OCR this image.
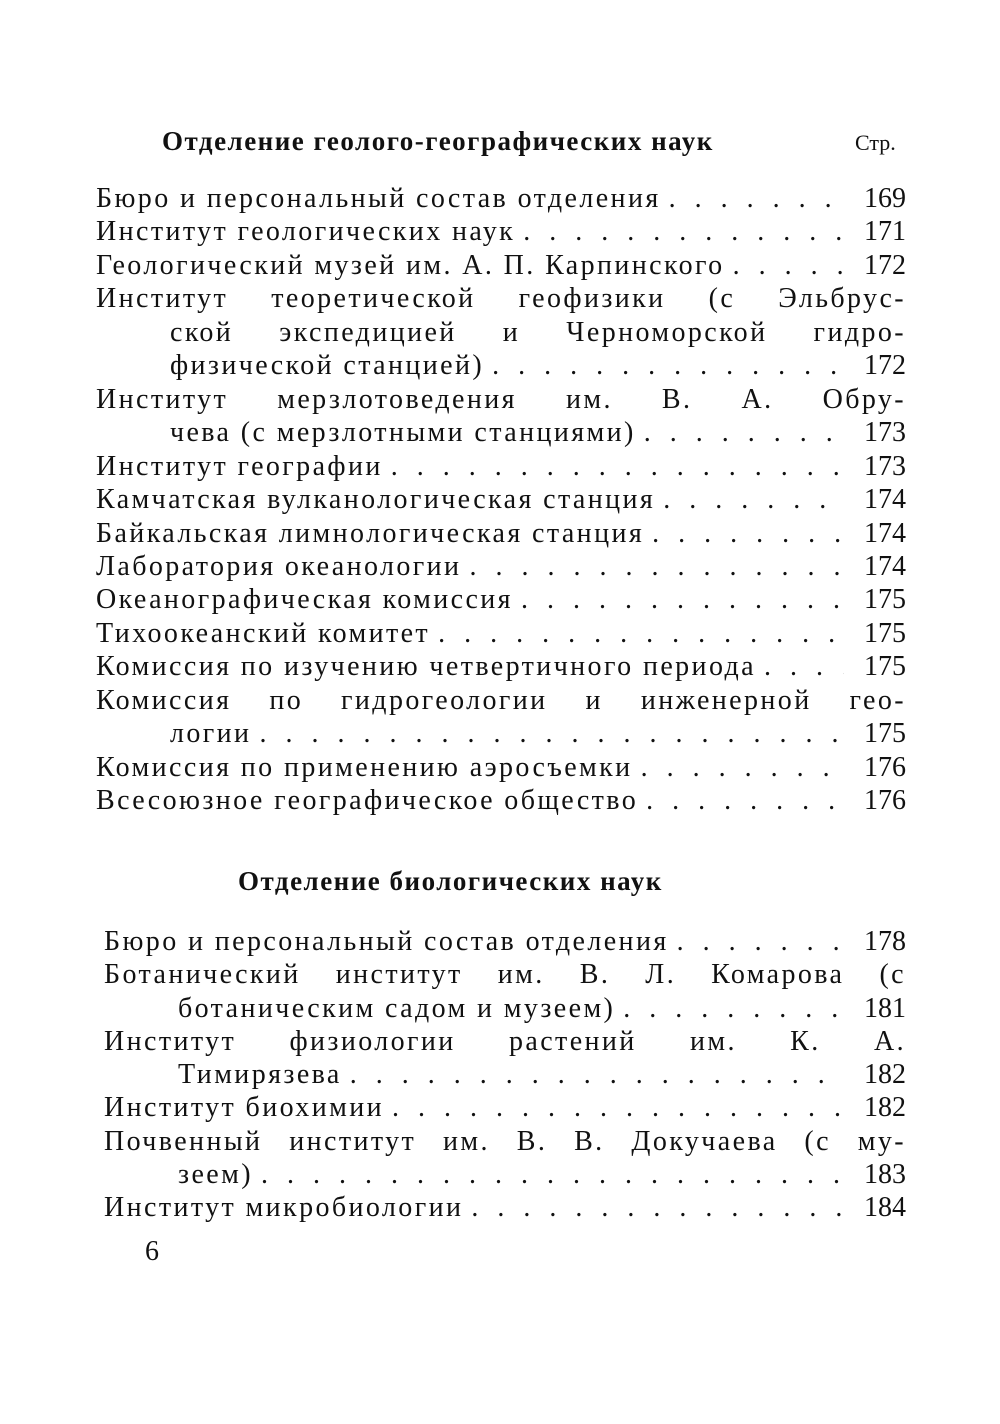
Отделение геолого-географических наук	Стр.
Бюро и персональный состав отделения . . .	169
Институт геологических наук . . .	171
Геологический музей им. А. П. Карпинского . . .	172
Институт теоретической геофизики (с Эльбрус-
ской экспедицией и Черноморской гидро-
физической станцией) . . .	172
Институт мерзлотоведения им. В. А. Обру-
чева (с мерзлотными станциями) . . .	173
Институт географии . . .	173
Камчатская вулканологическая станция . . .	174
Байкальская лимнологическая станция . . .	174
Лаборатория океанологии . . .	174
Океанографическая комиссия . . .	175
Тихоокеанский комитет . . .	175
Комиссия по изучению четвертичного периода . . .	175
Комиссия по гидрогеологии и инженерной гео-
логии . . .	175
Комиссия по применению аэросъемки . . .	176
Всесоюзное географическое общество . . .	176
Отделение биологических наук
Бюро и персональный состав отделения . . .	178
Ботанический институт им. В. Л. Комарова (с
ботаническим садом и музеем) . . .	181
Институт физиологии растений им. К. А.
Тимирязева . . .	182
Институт биохимии . . .	182
Почвенный институт им. В. В. Докучаева (с му-
зеем) . . .	183
Институт микробиологии . . .	184
6
